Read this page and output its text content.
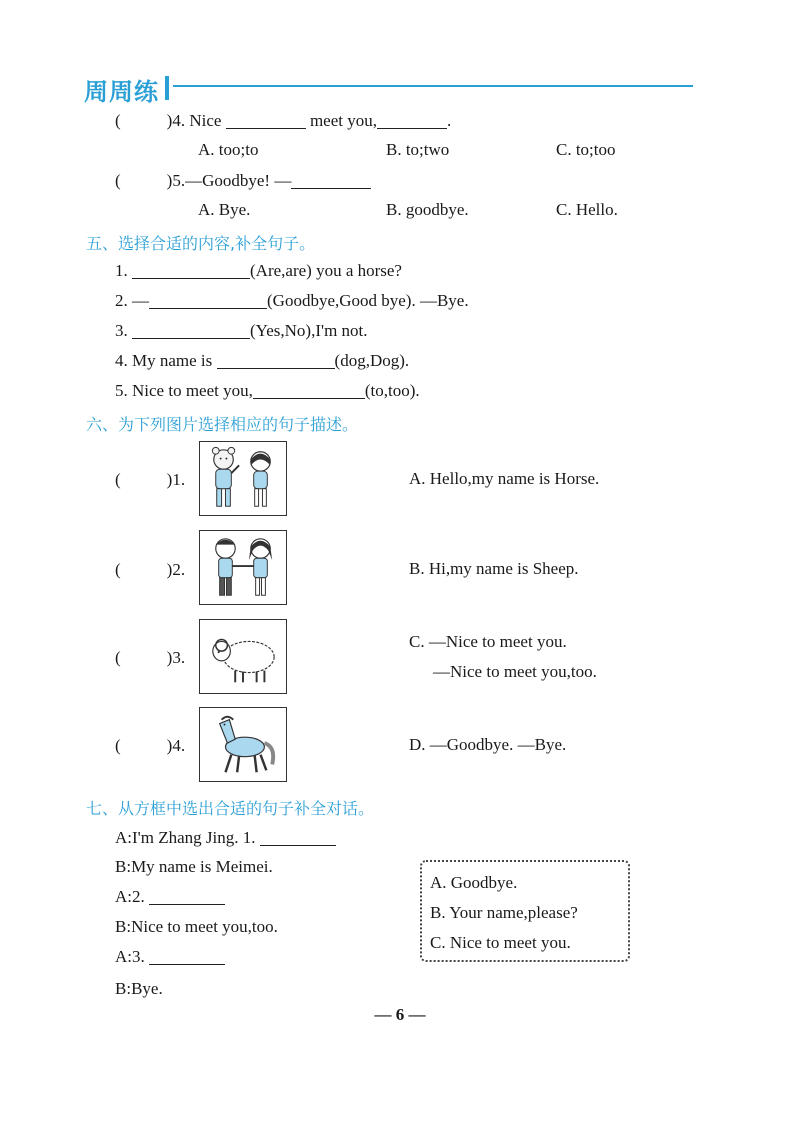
周周练
(	)4. Nice	meet you,	.
A. too;to	B. to;two	C. to;too
(	)5.—Goodbye! —
A. Bye.	B. goodbye.	C. Hello.
五、选择合适的内容,补全句子。
1.	(Are,are) you a horse?
2. —	(Goodbye,Good bye). —Bye.
3.	(Yes,No),I'm not.
4. My name is	(dog,Dog).
5. Nice to meet you,	(to,too).
六、为下列图片选择相应的句子描述。
(	)1.	A. Hello,my name is Horse.
(	)2.	B. Hi,my name is Sheep.
(	)3.
C. —Nice to meet you.
—Nice to meet you,too.
(	)4.	D. —Goodbye. —Bye.
七、从方框中选出合适的句子补全对话。
A:I'm Zhang Jing. 1.
B:My name is Meimei.
A:2.
B:Nice to meet you,too.
A:3.
B:Bye.
A. Goodbye.
B. Your name,please?
C. Nice to meet you.
— 6 —
